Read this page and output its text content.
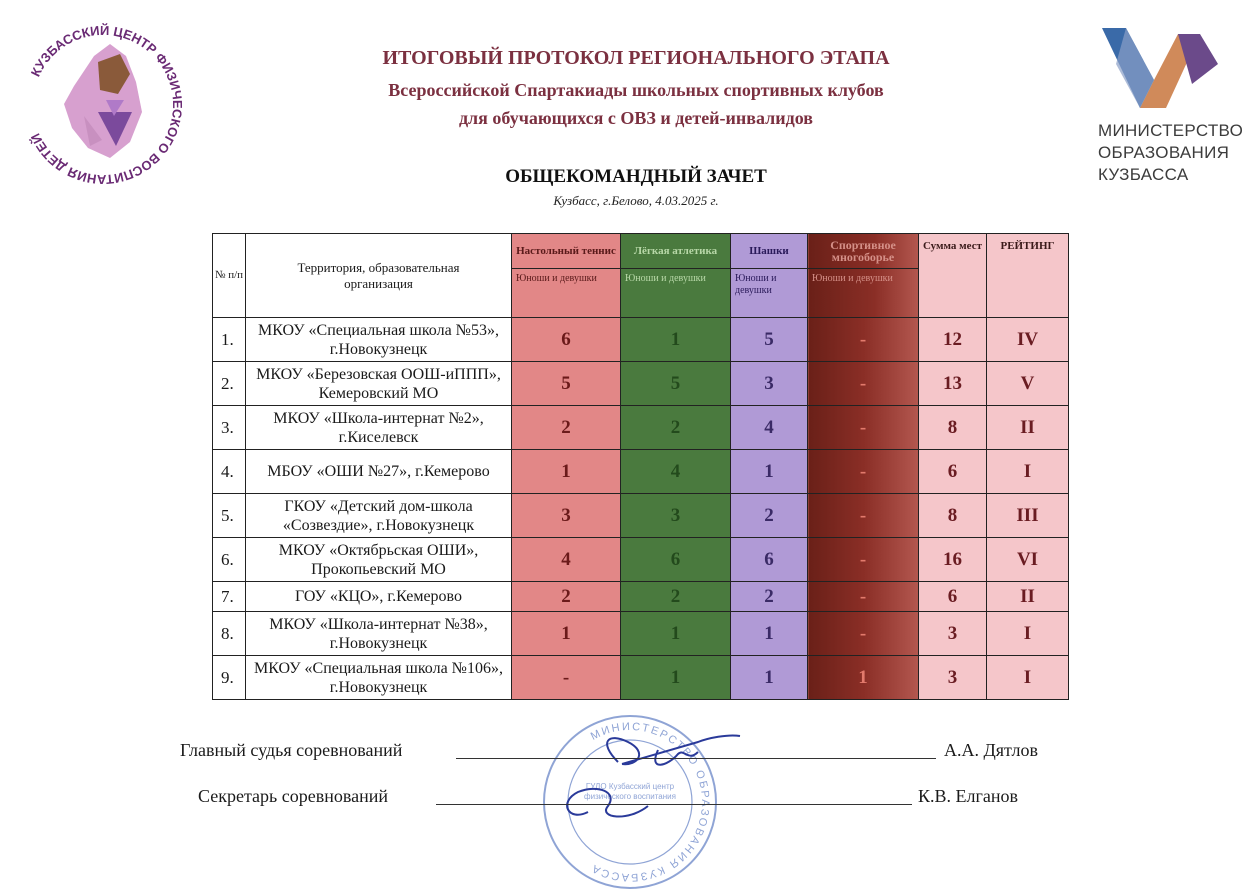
КУЗБАССКИЙ ЦЕНТР ФИЗИЧЕСКОГО ВОСПИТАНИЯ ДЕТЕЙ	МИНИСТЕРСТВО
ОБРАЗОВАНИЯ
КУЗБАССА
ИТОГОВЫЙ ПРОТОКОЛ РЕГИОНАЛЬНОГО ЭТАПА
Всероссийской Спартакиады школьных спортивных клубов
для обучающихся с ОВЗ и детей-инвалидов
ОБЩЕКОМАНДНЫЙ ЗАЧЕТ
Кузбасс, г.Белово, 4.03.2025 г.
№ п/п	Территория, образовательная организация	Настольный теннис	Лёгкая атлетика	Шашки	Спортивное многоборье	Сумма мест	РЕЙТИНГ
		Юноши и девушки	Юноши и девушки	Юноши и девушки	Юноши и девушки		
1.	МКОУ «Специальная школа №53», г.Новокузнецк	6	1	5	-	12	IV
2.	МКОУ «Березовская ООШ-иППП», Кемеровский МО	5	5	3	-	13	V
3.	МКОУ «Школа-интернат №2», г.Киселевск	2	2	4	-	8	II
4.	МБОУ «ОШИ №27», г.Кемерово	1	4	1	-	6	I
5.	ГКОУ «Детский дом-школа «Созвездие», г.Новокузнецк	3	3	2	-	8	III
6.	МКОУ «Октябрьская ОШИ», Прокопьевский МО	4	6	6	-	16	VI
7.	ГОУ «КЦО», г.Кемерово	2	2	2	-	6	II
8.	МКОУ «Школа-интернат №38», г.Новокузнецк	1	1	1	-	3	I
9.	МКОУ «Специальная школа №106», г.Новокузнецк	-	1	1	1	3	I
МИНИСТЕРСТВО ОБРАЗОВАНИЯ КУЗБАССА
ГУДО Кузбасский центр физического воспитания
Главный судья соревнований	А.А. Дятлов
Секретарь соревнований	К.В. Елганов
